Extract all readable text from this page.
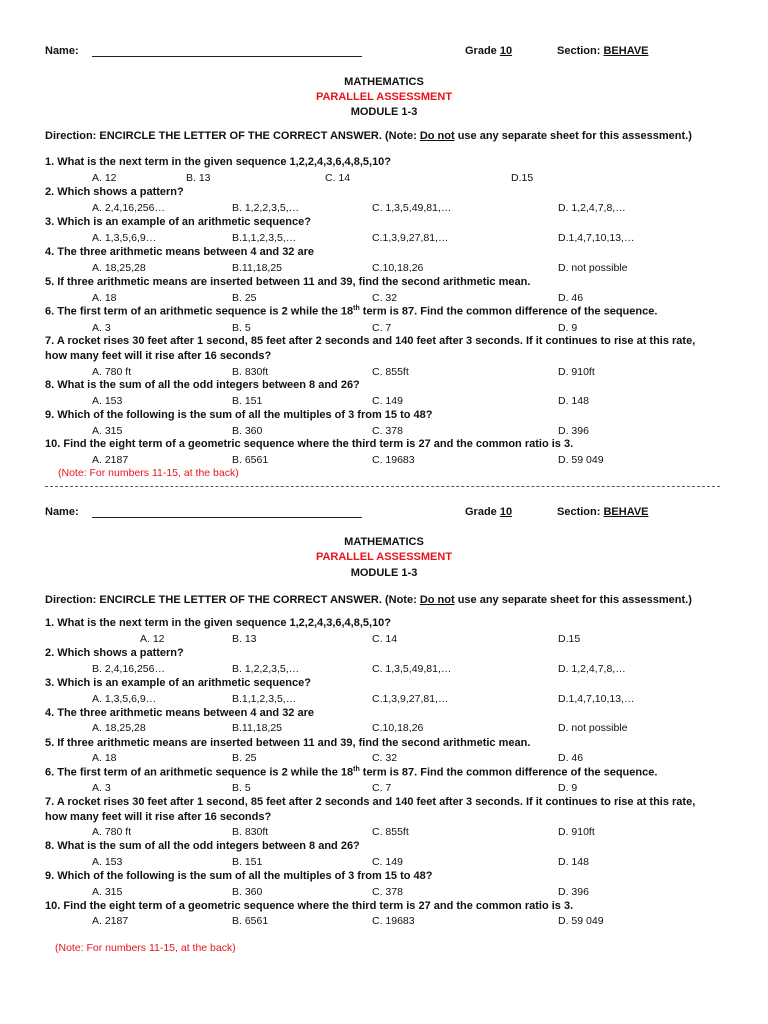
Name:	Grade 10	Section: BEHAVE
MATHEMATICS
PARALLEL ASSESSMENT
MODULE 1-3
Direction: ENCIRCLE THE LETTER OF THE CORRECT ANSWER. (Note: Do not use any separate sheet for this assessment.)
1. What is the next term in the given sequence 1,2,2,4,3,6,4,8,5,10?
A. 12	B. 13	C. 14	D.15
2. Which shows a pattern?
A. 2,4,16,256…	B. 1,2,2,3,5,…	C. 1,3,5,49,81,…	D. 1,2,4,7,8,…
3. Which is an example of an arithmetic sequence?
A. 1,3,5,6,9…	B.1,1,2,3,5,…	C.1,3,9,27,81,…	D.1,4,7,10,13,…
4. The three arithmetic means between 4 and 32 are
A. 18,25,28	B.11,18,25	C.10,18,26	D. not possible
5. If three arithmetic means are inserted between 11 and 39, find the second arithmetic mean.
A. 18	B. 25	C. 32	D. 46
6. The first term of an arithmetic sequence is 2 while the 18th term is 87. Find the common difference of the sequence.
A. 3	B. 5	C. 7	D. 9
7. A rocket rises 30 feet after 1 second, 85 feet after 2 seconds and 140 feet after 3 seconds. If it continues to rise at this rate,
how many feet will it rise after 16 seconds?
A. 780 ft	B. 830ft	C. 855ft	D. 910ft
8. What is the sum of all the odd integers between 8 and 26?
A. 153	B. 151	C. 149	D. 148
9. Which of the following is the sum of all the multiples of 3 from 15 to 48?
A. 315	B. 360	C. 378	D. 396
10. Find the eight term of a geometric sequence where the third term is 27 and the common ratio is 3.
A. 2187	B. 6561	C. 19683	D. 59 049
(Note: For numbers 11-15, at the back)
Name:	Grade 10	Section: BEHAVE
MATHEMATICS
PARALLEL ASSESSMENT
MODULE 1-3
Direction: ENCIRCLE THE LETTER OF THE CORRECT ANSWER. (Note: Do not use any separate sheet for this assessment.)
1. What is the next term in the given sequence 1,2,2,4,3,6,4,8,5,10?
A. 12	B. 13	C. 14	D.15
2. Which shows a pattern?
B. 2,4,16,256…	B. 1,2,2,3,5,…	C. 1,3,5,49,81,…	D. 1,2,4,7,8,…
3. Which is an example of an arithmetic sequence?
A. 1,3,5,6,9…	B.1,1,2,3,5,…	C.1,3,9,27,81,…	D.1,4,7,10,13,…
4. The three arithmetic means between 4 and 32 are
A. 18,25,28	B.11,18,25	C.10,18,26	D. not possible
5. If three arithmetic means are inserted between 11 and 39, find the second arithmetic mean.
A. 18	B. 25	C. 32	D. 46
6. The first term of an arithmetic sequence is 2 while the 18th term is 87. Find the common difference of the sequence.
A. 3	B. 5	C. 7	D. 9
7. A rocket rises 30 feet after 1 second, 85 feet after 2 seconds and 140 feet after 3 seconds. If it continues to rise at this rate,
how many feet will it rise after 16 seconds?
A. 780 ft	B. 830ft	C. 855ft	D. 910ft
8. What is the sum of all the odd integers between 8 and 26?
A. 153	B. 151	C. 149	D. 148
9. Which of the following is the sum of all the multiples of 3 from 15 to 48?
A. 315	B. 360	C. 378	D. 396
10. Find the eight term of a geometric sequence where the third term is 27 and the common ratio is 3.
A. 2187	B. 6561	C. 19683	D. 59 049
(Note: For numbers 11-15, at the back)
